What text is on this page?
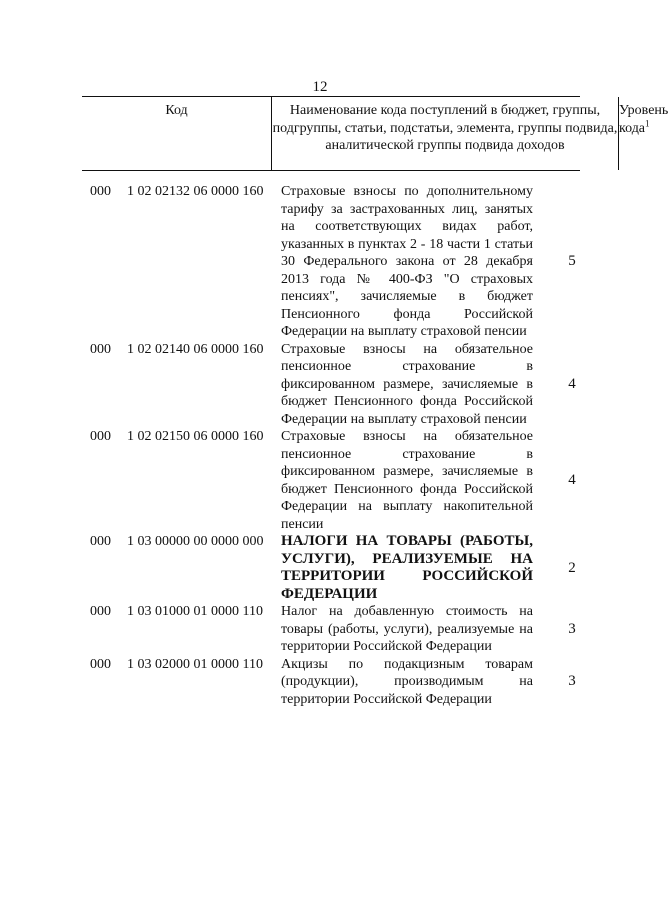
12
Код	Наименование кода поступлений в бюджет, группы, подгруппы, статьи, подстатьи, элемента, группы подвида, аналитической группы подвида доходов
Уровень кода$^1$
000 1 02 02132 06 0000 160 Страховые взносы по дополнительному тарифу за застрахованных лиц, занятых на соответствующих видах работ, указанных в пунктах 2 - 18 части 1 статьи 30 Федерального закона от 28 декабря 2013 года № 400-ФЗ "О страховых пенсиях", зачисляемые в бюджет Пенсионного фонда Российской Федерации на выплату страховой пенсии
5
000 1 02 02140 06 0000 160 Страховые взносы на обязательное пенсионное страхование в фиксированном размере, зачисляемые в бюджет Пенсионного фонда Российской Федерации на выплату страховой пенсии
4
000 1 02 02150 06 0000 160 Страховые взносы на обязательное пенсионное страхование в фиксированном размере, зачисляемые в бюджет Пенсионного фонда Российской Федерации на выплату накопительной пенсии
4
000 1 03 00000 00 0000 000 НАЛОГИ НА ТОВАРЫ (РАБОТЫ, УСЛУГИ), РЕАЛИЗУЕМЫЕ НА ТЕРРИТОРИИ РОССИЙСКОЙ ФЕДЕРАЦИИ
2
000 1 03 01000 01 0000 110 Налог на добавленную стоимость на товары (работы, услуги), реализуемые на территории Российской Федерации
3
000 1 03 02000 01 0000 110 Акцизы по подакцизным товарам (продукции), производимым на территории Российской Федерации
3
